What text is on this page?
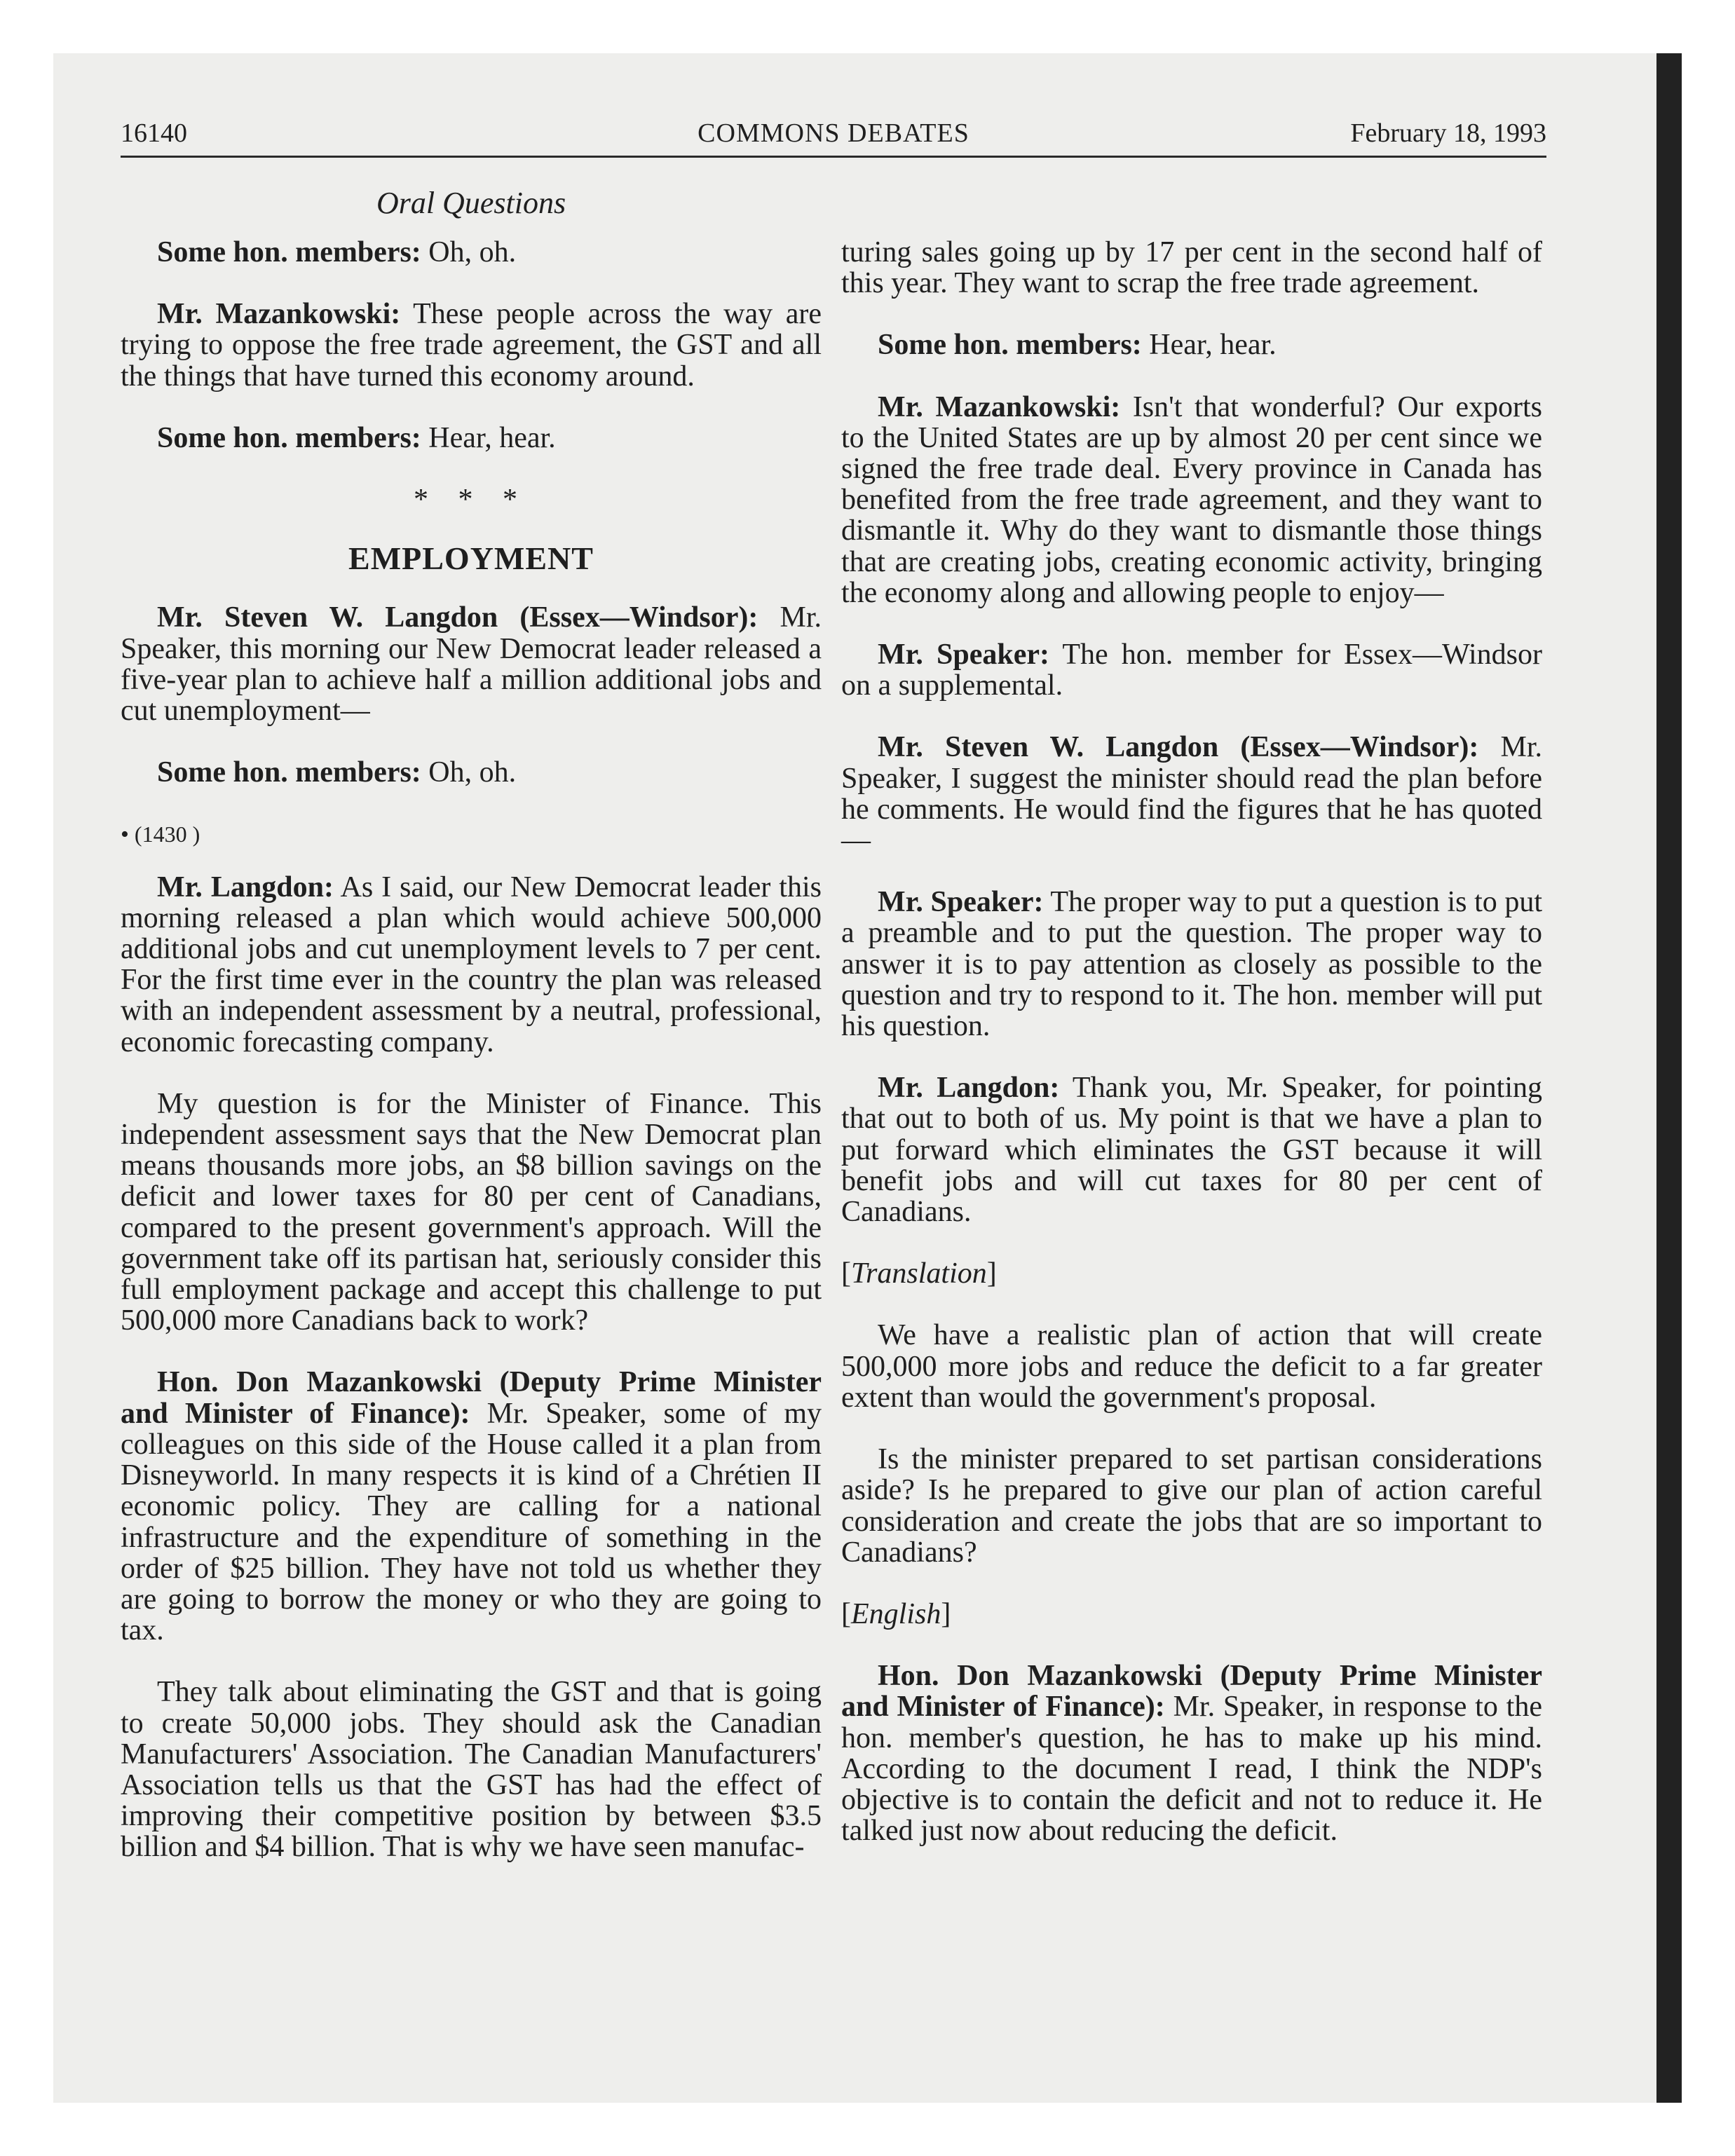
16140	COMMONS DEBATES	February 18, 1993
Oral Questions

Some hon. members: Oh, oh.

Mr. Mazankowski: These people across the way are trying to oppose the free trade agreement, the GST and all the things that have turned this economy around.

Some hon. members: Hear, hear.

* * *

EMPLOYMENT

Mr. Steven W. Langdon (Essex—Windsor): Mr. Speaker, this morning our New Democrat leader released a five-year plan to achieve half a million additional jobs and cut unemployment—

Some hon. members: Oh, oh.

• (1430 )

Mr. Langdon: As I said, our New Democrat leader this morning released a plan which would achieve 500,000 additional jobs and cut unemployment levels to 7 per cent. For the first time ever in the country the plan was released with an independent assessment by a neutral, professional, economic forecasting company.

My question is for the Minister of Finance. This independent assessment says that the New Democrat plan means thousands more jobs, an $8 billion savings on the deficit and lower taxes for 80 per cent of Canadians, compared to the present government's approach. Will the government take off its partisan hat, seriously consider this full employment package and accept this challenge to put 500,000 more Canadians back to work?

Hon. Don Mazankowski (Deputy Prime Minister and Minister of Finance): Mr. Speaker, some of my colleagues on this side of the House called it a plan from Disneyworld. In many respects it is kind of a Chrétien II economic policy. They are calling for a national infrastructure and the expenditure of something in the order of $25 billion. They have not told us whether they are going to borrow the money or who they are going to tax.

They talk about eliminating the GST and that is going to create 50,000 jobs. They should ask the Canadian Manufacturers' Association. The Canadian Manufacturers' Association tells us that the GST has had the effect of improving their competitive position by between $3.5 billion and $4 billion. That is why we have seen manufac-

turing sales going up by 17 per cent in the second half of this year. They want to scrap the free trade agreement.

Some hon. members: Hear, hear.

Mr. Mazankowski: Isn't that wonderful? Our exports to the United States are up by almost 20 per cent since we signed the free trade deal. Every province in Canada has benefited from the free trade agreement, and they want to dismantle it. Why do they want to dismantle those things that are creating jobs, creating economic activity, bringing the economy along and allowing people to enjoy—

Mr. Speaker: The hon. member for Essex—Windsor on a supplemental.

Mr. Steven W. Langdon (Essex—Windsor): Mr. Speaker, I suggest the minister should read the plan before he comments. He would find the figures that he has quoted—

Mr. Speaker: The proper way to put a question is to put a preamble and to put the question. The proper way to answer it is to pay attention as closely as possible to the question and try to respond to it. The hon. member will put his question.

Mr. Langdon: Thank you, Mr. Speaker, for pointing that out to both of us. My point is that we have a plan to put forward which eliminates the GST because it will benefit jobs and will cut taxes for 80 per cent of Canadians.

[Translation]

We have a realistic plan of action that will create 500,000 more jobs and reduce the deficit to a far greater extent than would the government's proposal.

Is the minister prepared to set partisan considerations aside? Is he prepared to give our plan of action careful consideration and create the jobs that are so important to Canadians?

[English]

Hon. Don Mazankowski (Deputy Prime Minister and Minister of Finance): Mr. Speaker, in response to the hon. member's question, he has to make up his mind. According to the document I read, I think the NDP's objective is to contain the deficit and not to reduce it. He talked just now about reducing the deficit.
